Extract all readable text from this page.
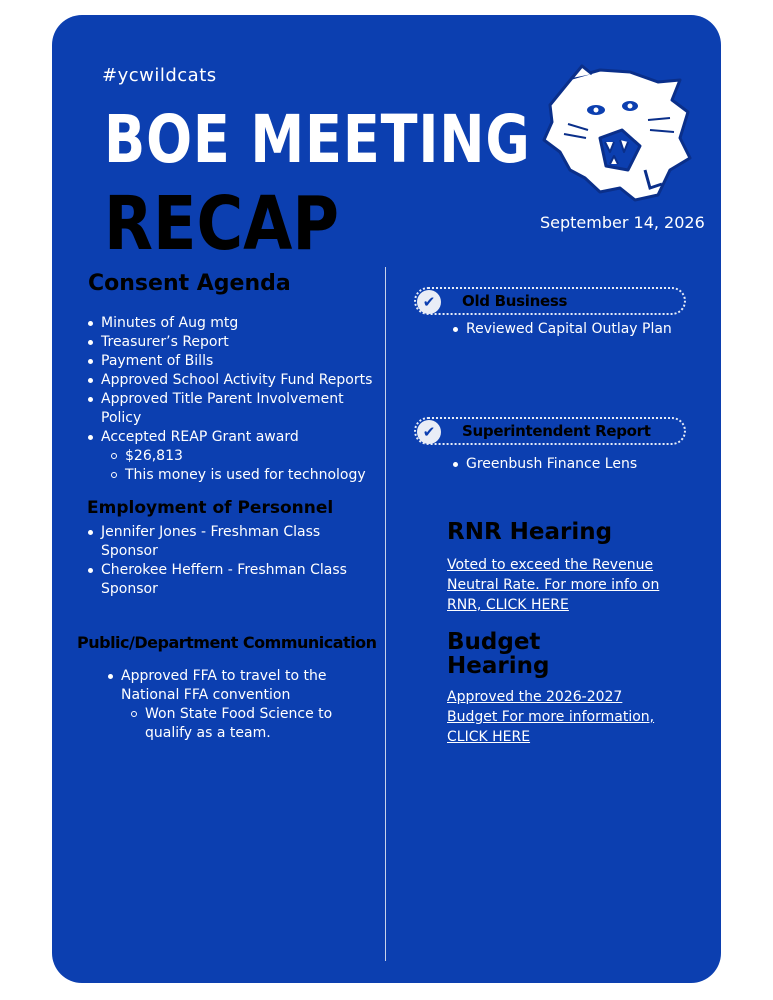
#ycwildcats
BOE MEETING
RECAP	September 14, 2026
Consent Agenda
Minutes of Aug mtg
Treasurer’s Report
Payment of Bills
Approved School Activity Fund Reports
Approved Title Parent Involvement Policy
Accepted REAP Grant award
$26,813
This money is used for technology
Employment of Personnel
Jennifer Jones - Freshman Class Sponsor
Cherokee Heffern - Freshman Class Sponsor
Public/Department Communication
Approved FFA to travel to the National FFA convention
Won State Food Science to qualify as a team.
✔	Old Business
Reviewed Capital Outlay Plan
✔	Superintendent Report
Greenbush Finance Lens
RNR Hearing
Voted to exceed the Revenue Neutral Rate. For more info on RNR, CLICK HERE
Budget Hearing
Approved the 2026-2027 Budget For more information, CLICK HERE
